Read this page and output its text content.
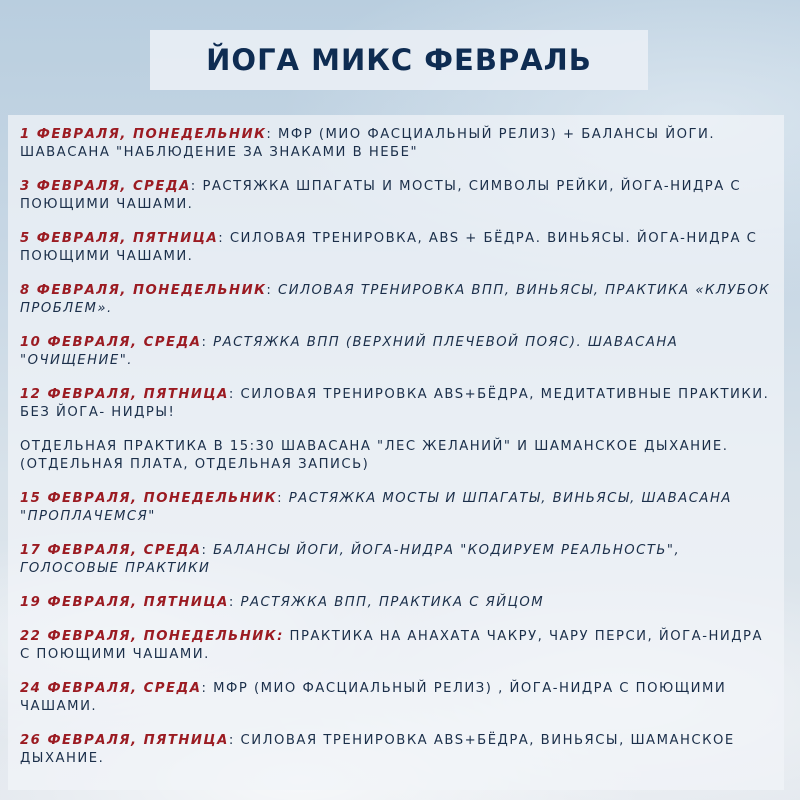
ЙОГА МИКС ФЕВРАЛЬ

1 ФЕВРАЛЯ, ПОНЕДЕЛЬНИК: МФР (МИО ФАСЦИАЛЬНЫЙ РЕЛИЗ) + БАЛАНСЫ ЙОГИ. ШАВАСАНА "НАБЛЮДЕНИЕ ЗА ЗНАКАМИ В НЕБЕ"

3 ФЕВРАЛЯ, СРЕДА: РАСТЯЖКА ШПАГАТЫ И МОСТЫ, СИМВОЛЫ РЕЙКИ, ЙОГА-НИДРА С ПОЮЩИМИ ЧАШАМИ.

5 ФЕВРАЛЯ, ПЯТНИЦА: СИЛОВАЯ ТРЕНИРОВКА, ABS + БЁДРА. ВИНЬЯСЫ. ЙОГА-НИДРА С ПОЮЩИМИ ЧАШАМИ.

8 ФЕВРАЛЯ, ПОНЕДЕЛЬНИК: СИЛОВАЯ ТРЕНИРОВКА ВПП, ВИНЬЯСЫ, ПРАКТИКА «КЛУБОК ПРОБЛЕМ».

10 ФЕВРАЛЯ, СРЕДА: РАСТЯЖКА ВПП (ВЕРХНИЙ ПЛЕЧЕВОЙ ПОЯС). ШАВАСАНА "ОЧИЩЕНИЕ".

12 ФЕВРАЛЯ, ПЯТНИЦА: СИЛОВАЯ ТРЕНИРОВКА ABS+БЁДРА, МЕДИТАТИВНЫЕ ПРАКТИКИ. БЕЗ ЙОГА- НИДРЫ!

ОТДЕЛЬНАЯ ПРАКТИКА В 15:30 ШАВАСАНА "ЛЕС ЖЕЛАНИЙ" И ШАМАНСКОЕ ДЫХАНИЕ. (ОТДЕЛЬНАЯ ПЛАТА, ОТДЕЛЬНАЯ ЗАПИСЬ)

15 ФЕВРАЛЯ, ПОНЕДЕЛЬНИК: РАСТЯЖКА МОСТЫ И ШПАГАТЫ, ВИНЬЯСЫ, ШАВАСАНА "ПРОПЛАЧЕМСЯ"

17 ФЕВРАЛЯ, СРЕДА: БАЛАНСЫ ЙОГИ, ЙОГА-НИДРА "КОДИРУЕМ РЕАЛЬНОСТЬ", ГОЛОСОВЫЕ ПРАКТИКИ

19 ФЕВРАЛЯ, ПЯТНИЦА: РАСТЯЖКА ВПП, ПРАКТИКА С ЯЙЦОМ

22 ФЕВРАЛЯ, ПОНЕДЕЛЬНИК: ПРАКТИКА НА АНАХАТА ЧАКРУ, ЧАРУ ПЕРСИ, ЙОГА-НИДРА С ПОЮЩИМИ ЧАШАМИ.

24 ФЕВРАЛЯ, СРЕДА: МФР (МИО ФАСЦИАЛЬНЫЙ РЕЛИЗ) , ЙОГА-НИДРА С ПОЮЩИМИ ЧАШАМИ.

26 ФЕВРАЛЯ, ПЯТНИЦА: СИЛОВАЯ ТРЕНИРОВКА ABS+БЁДРА, ВИНЬЯСЫ, ШАМАНСКОЕ ДЫХАНИЕ.
